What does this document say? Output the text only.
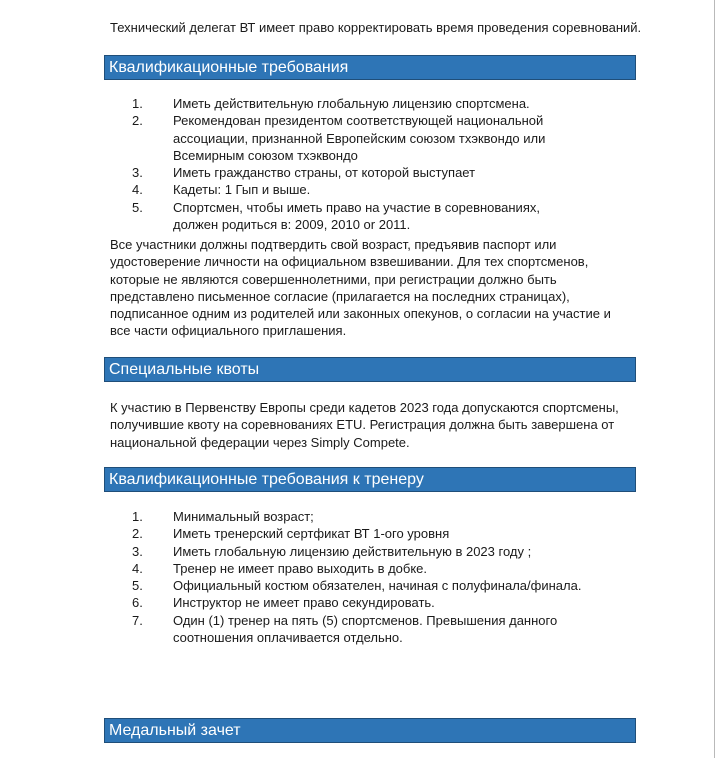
Технический делегат ВТ имеет право корректировать время проведения соревнований.
Квалификационные требования
1. Иметь действительную глобальную лицензию спортсмена.
2. Рекомендован президентом соответствующей национальной ассоциации, признанной Европейским союзом тхэквондо или Всемирным союзом тхэквондо
3. Иметь гражданство страны, от которой выступает
4. Кадеты: 1 Гып и выше.
5. Спортсмен, чтобы иметь право на участие в соревнованиях, должен родиться в: 2009, 2010 or 2011.

Все участники должны подтвердить свой возраст, предъявив паспорт или удостоверение личности на официальном взвешивании. Для тех спортсменов, которые не являются совершеннолетними, при регистрации должно быть представлено письменное согласие (прилагается на последних страницах), подписанное одним из родителей или законных опекунов, о согласии на участие и все части официального приглашения.

Специальные квоты

К участию в Первенству Европы среди кадетов 2023 года допускаются спортсмены, получившие квоту на соревнованиях ETU. Регистрация должна быть завершена от национальной федерации через Simply Compete.

Квалификационные требования к тренеру
1. Минимальный возраст;
2. Иметь тренерский сертфикат ВТ 1-ого уровня
3. Иметь глобальную лицензию действительную в 2023 году ;
4. Тренер не имеет право выходить в добке.
5. Официальный костюм обязателен, начиная с полуфинала/финала.
6. Инструктор не имеет право секундировать.
7. Один (1) тренер на пять (5) спортсменов. Превышения данного соотношения оплачивается отдельно.
Медальный зачет
